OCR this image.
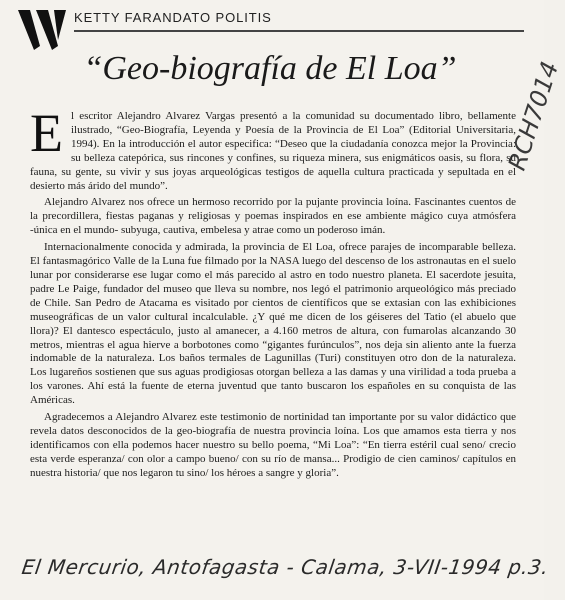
KETTY FARANDATO POLITIS
“Geo-biografía de El Loa”	RCH7014

El escritor Alejandro Alvarez Vargas presentó a la comunidad su documentado libro, bellamente ilustrado, “Geo-Biografía, Leyenda y Poesía de la Provincia de El Loa” (Editorial Universitaria, 1994). En la introducción el autor especifica: “Deseo que la ciudadanía conozca mejor la Provincia: su belleza catepórica, sus rincones y confines, su riqueza minera, sus enigmáticos oasis, su flora, su fauna, su gente, su vivir y sus joyas arqueológicas testigos de aquella cultura practicada y sepultada en el desierto más árido del mundo”.

Alejandro Alvarez nos ofrece un hermoso recorrido por la pujante provincia loína. Fascinantes cuentos de la precordillera, fiestas paganas y religiosas y poemas inspirados en ese ambiente mágico cuya atmósfera -única en el mundo- subyuga, cautiva, embelesa y atrae como un poderoso imán.

Internacionalmente conocida y admirada, la provincia de El Loa, ofrece parajes de incomparable belleza. El fantasmagórico Valle de la Luna fue filmado por la NASA luego del descenso de los astronautas en el suelo lunar por considerarse ese lugar como el más parecido al astro en todo nuestro planeta. El sacerdote jesuita, padre Le Paige, fundador del museo que lleva su nombre, nos legó el patrimonio arqueológico más preciado de Chile. San Pedro de Atacama es visitado por cientos de científicos que se extasian con las exhibiciones museográficas de un valor cultural incalculable. ¿Y qué me dicen de los géiseres del Tatio (el abuelo que llora)? El dantesco espectáculo, justo al amanecer, a 4.160 metros de altura, con fumarolas alcanzando 30 metros, mientras el agua hierve a borbotones como “gigantes furúnculos”, nos deja sin aliento ante la fuerza indomable de la naturaleza. Los baños termales de Lagunillas (Turi) constituyen otro don de la naturaleza. Los lugareños sostienen que sus aguas prodigiosas otorgan belleza a las damas y una virilidad a toda prueba a los varones. Ahí está la fuente de eterna juventud que tanto buscaron los españoles en su conquista de las Américas.

Agradecemos a Alejandro Alvarez este testimonio de nortinidad tan importante por su valor didáctico que revela datos desconocidos de la geo-biografía de nuestra provincia loína. Los que amamos esta tierra y nos identificamos con ella podemos hacer nuestro su bello poema, “Mi Loa”: “En tierra estéril cual seno/ crecio esta verde esperanza/ con olor a campo bueno/ con su río de mansa... Prodigio de cien caminos/ capítulos en nuestra historia/ que nos legaron tu sino/ los héroes a sangre y gloria”.

El Mercurio, Antofagasta - Calama, 3-VII-1994 p.3.
